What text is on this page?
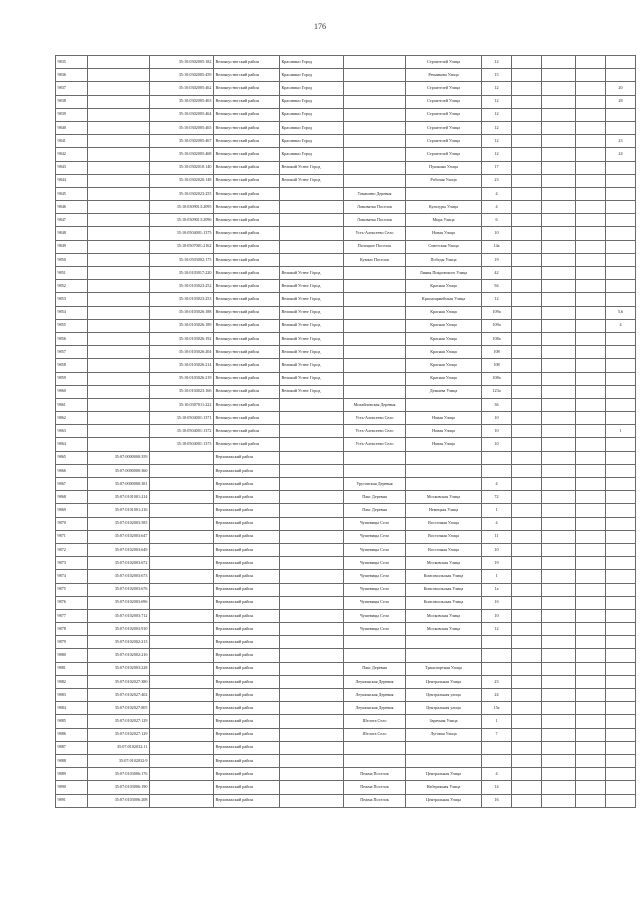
176
9835		35:10:0302005:182	Великоустюгский район	Красавино Город		Строителей Улица	12				
9836		35:10:0302005:459	Великоустюгский район	Красавино Город		Речникова Улица	15				
9837		35:10:0302005:462	Великоустюгский район	Красавино Город		Строителей Улица	12				20
9838		35:10:0302005:463	Великоустюгский район	Красавино Город		Строителей Улица	12				28
9839		35:10:0302005:464	Великоустюгский район	Красавино Город		Строителей Улица	12				
9840		35:10:0302005:465	Великоустюгский район	Красавино Город		Строителей Улица	12				
9841		35:10:0302005:467	Великоустюгский район	Красавино Город		Строителей Улица	12				23
9842		35:10:0302005:468	Великоустюгский район	Красавино Город		Строителей Улица	12				24
9843		35:10:0302010:140	Великоустюгский район	Великий Устюг Город		Пушкина Улица	17				
9844		35:10:0302020:148	Великоустюгский район	Великий Устюг Город		Рабочая Улица	23				
9845		35:10:0302023:255	Великоустюгский район		Томашево Деревня		4				
9846		35:10:0309013:2095	Великоустюгский район		Ломоватка Поселок	Культуры Улица	4				
9847		35:10:0309013:2096	Великоустюгский район		Ломоватка Поселок	Мира Улица	6				
9848		35:10:0504001:1375	Великоустюгский район		Усть-Алексеево Село	Новая Улица	10				
9849		35:10:0507001:2162	Великоустюгский район		Полоцкое Поселок	Советская Улица	14а				
9850		35:10:0503002:175	Великоустюгский район		Кузино Поселок	Победы Улица	19				
9851		35:10:0103017:220	Великоустюгский район	Великий Устюг Город		Линия Покровского Улица	42				
9852		35:10:0103023:252	Великоустюгский район	Великий Устюг Город		Красная Улица	94				
9853		35:10:0103023:253	Великоустюгский район	Великий Устюг Город		Красноармейская Улица	12				
9854		35:10:0103026:188	Великоустюгский район	Великий Устюг Город		Красная Улица	109а				5,6
9855		35:10:0103026:189	Великоустюгский район	Великий Устюг Город		Красная Улица	109а				4
9856		35:10:0103026:192	Великоустюгский район	Великий Устюг Город		Красная Улица	108а				
9857		35:10:0103026:204	Великоустюгский район	Великий Устюг Город		Красная Улица	108				
9858		35:10:0103026:214	Великоустюгский район	Великий Устюг Город		Красная Улица	108				
9859		35:10:0103026:219	Великоустюгский район	Великий Устюг Город		Красная Улица	108а				
9860		35:10:0104023:166	Великоустюгский район	Великий Устюг Город		Дежнева Улица	123а				
9861		35:10:0307011:222	Великоустюгский район		Михайловская Деревня		36				
9862		35:10:0504001:1371	Великоустюгский район		Усть-Алексеево Село	Новая Улица	10				
9863		35:10:0504001:1372	Великоустюгский район		Усть-Алексеево Село	Новая Улица	10				1
9864		35:10:0504001:1373	Великоустюгский район		Усть-Алексеево Село	Новая Улица	10				
9865	35:07:0000000:359		Верховажский район								
9866	35:07:0000000:360		Верховажский район								
9867	35:07:0000000:381		Верховажский район		Урусовская Деревня		4				
9868	35:07:0101001:214		Верховажский район		Пакс Деревня	Московская Улица	72				
9869	35:07:0101001:216		Верховажский район		Пакс Деревня	Немецкая Улица	1				
9870	35:07:0102003:585		Верховажский район		Чушевицы Село	Восточная Улица	4				
9871	35:07:0102003:647		Верховажский район		Чушевицы Село	Восточная Улица	11				
9872	35:07:0102003:649		Верховажский район		Чушевицы Село	Восточная Улица	10				
9873	35:07:0102003:672		Верховажский район		Чушевицы Село	Московская Улица	19				
9874	35:07:0102003:673		Верховажский район		Чушевицы Село	Комсомольская Улица	1				
9875	35:07:0102003:676		Верховажский район		Чушевицы Село	Комсомольская Улица	1а				
9876	35:07:0102003:696		Верховажский район		Чушевицы Село	Комсомольская Улица	1б				
9877	35:07:0102003:712		Верховажский район		Чушевицы Село	Московская Улица	10				
9878	35:07:0102003:910		Верховажский район		Чушевицы Село	Московская Улица	12				
9879	35:07:0102002:213		Верховажский район								
9880	35:07:0102002:216		Верховажский район								
9881	35:07:0102003:228		Верховажский район		Пакс Деревня	Транспортная Улица					
9882	35:07:0102027:380		Верховажский район		Леушинская Деревня	Центральная Улица	23				
9883	35:07:0102027:402		Верховажский район		Леушинская Деревня	Центральная улица	24				
9884	35:07:0102027:805		Верховажский район		Леушинская Деревня	Центральная улица	15а				
9885	35:07:0102027:129		Верховажский район		Шелота Село	Заречная Улица	1				
9886	35:07:0102027:129		Верховажский район		Шелота Село	Луговая Улица	7				
9887	35:07:0102032:11		Верховажский район								
9888	35:07:0102032:9		Верховажский район								
9889	35:07:0103006:176		Верховажский район		Пежма Поселок	Центральная Улица	4				
9890	35:07:0103006:190		Верховажский район		Пежма Поселок	Набережная Улица	14				
9891	35:07:0103006:208		Верховажский район		Пежма Поселок	Центральная Улица	16				
